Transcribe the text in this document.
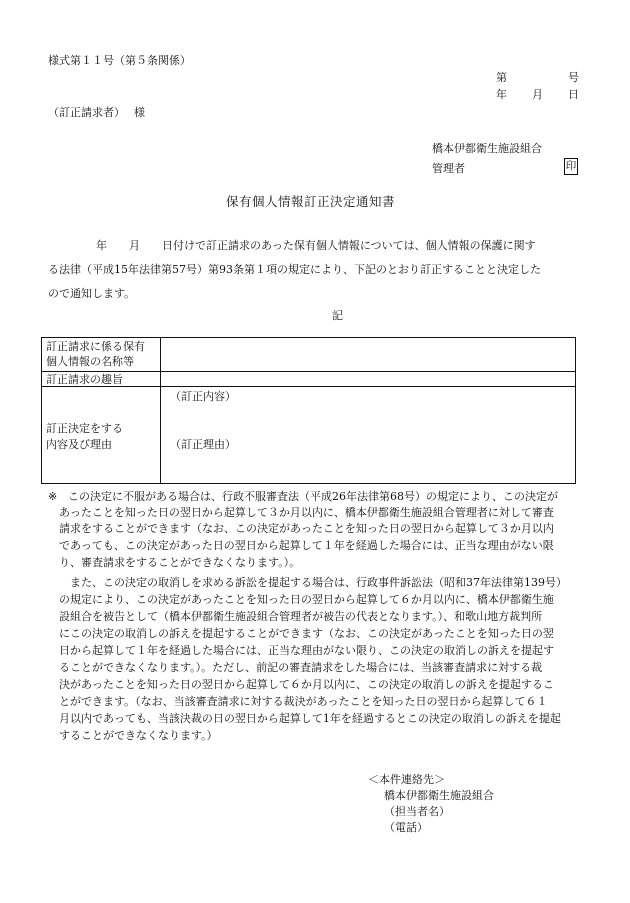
様式第１１号（第５条関係）
第	号
年 月 日
（訂正請求者） 様
橋本伊都衛生施設組合
管理者	印
保有個人情報訂正決定通知書
年　　月　　日付けで訂正請求のあった保有個人情報については、個人情報の保護に関す
る法律（平成15年法律第57号）第93条第１項の規定により、下記のとおり訂正することと決定した
ので通知します。
記
訂正請求に係る保有
個人情報の名称等
訂正請求の趣旨
訂正決定をする
内容及び理由
（訂正内容）
（訂正理由）
※ この決定に不服がある場合は、行政不服審査法（平成26年法律第68号）の規定により、この決定が
あったことを知った日の翌日から起算して３か月以内に、橋本伊都衛生施設組合管理者に対して審査
請求をすることができます（なお、この決定があったことを知った日の翌日から起算して３か月以内
であっても、この決定があった日の翌日から起算して１年を経過した場合には、正当な理由がない限
り、審査請求をすることができなくなります。）。
　また、この決定の取消しを求める訴訟を提起する場合は、行政事件訴訟法（昭和37年法律第139号）
の規定により、この決定があったことを知った日の翌日から起算して６か月以内に、橋本伊都衛生施
設組合を被告として（橋本伊都衛生施設組合管理者が被告の代表となります。）、和歌山地方裁判所
にこの決定の取消しの訴えを提起することができます（なお、この決定があったことを知った日の翌
日から起算して１年を経過した場合には、正当な理由がない限り、この決定の取消しの訴えを提起す
ることができなくなります。）。ただし、前記の審査請求をした場合には、当該審査請求に対する裁
決があったことを知った日の翌日から起算して６か月以内に、この決定の取消しの訴えを提起するこ
とができます。（なお、当該審査請求に対する裁決があったことを知った日の翌日から起算して６１
月以内であっても、当該決裁の日の翌日から起算して1年を経過するとこの決定の取消しの訴えを提起
することができなくなります。）
＜本件連絡先＞
橋本伊都衛生施設組合
（担当者名）
（電話）
